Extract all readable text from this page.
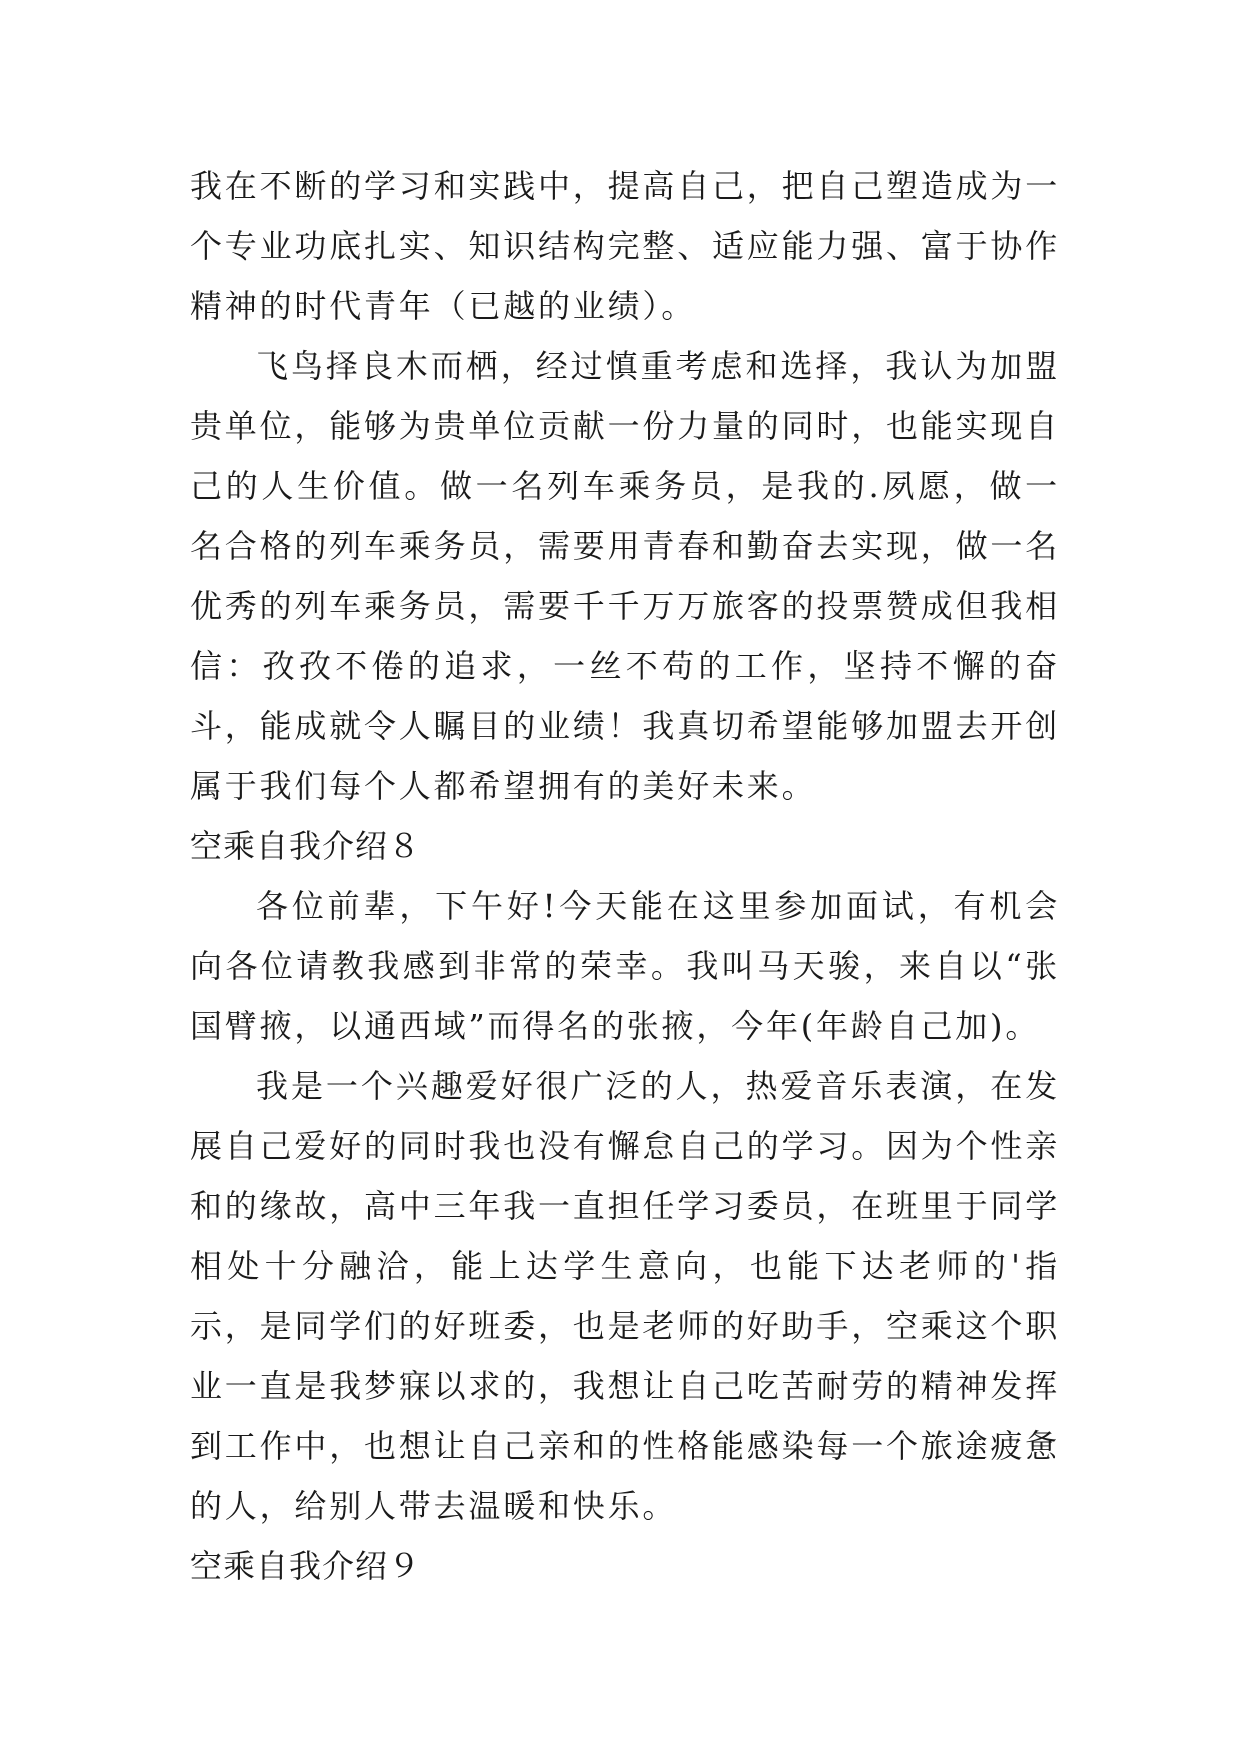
我在不断的学习和实践中，提高自己，把自己塑造成为一个专业功底扎实、知识结构完整、适应能力强、富于协作精神的时代青年（已越的业绩）。

飞鸟择良木而栖，经过慎重考虑和选择，我认为加盟贵单位，能够为贵单位贡献一份力量的同时，也能实现自己的人生价值。做一名列车乘务员，是我的.夙愿，做一名合格的列车乘务员，需要用青春和勤奋去实现，做一名优秀的列车乘务员，需要千千万万旅客的投票赞成但我相信：孜孜不倦的追求，一丝不苟的工作，坚持不懈的奋斗，能成就令人瞩目的业绩！我真切希望能够加盟去开创属于我们每个人都希望拥有的美好未来。

空乘自我介绍８

各位前辈，下午好!今天能在这里参加面试，有机会向各位请教我感到非常的荣幸。我叫马天骏，来自以“张国臂掖，以通西域”而得名的张掖，今年(年龄自己加)。

我是一个兴趣爱好很广泛的人，热爱音乐表演，在发展自己爱好的同时我也没有懈怠自己的学习。因为个性亲和的缘故，高中三年我一直担任学习委员，在班里于同学相处十分融洽，能上达学生意向，也能下达老师的'指示，是同学们的好班委，也是老师的好助手，空乘这个职业一直是我梦寐以求的，我想让自己吃苦耐劳的精神发挥到工作中，也想让自己亲和的性格能感染每一个旅途疲惫的人，给别人带去温暖和快乐。

空乘自我介绍９
